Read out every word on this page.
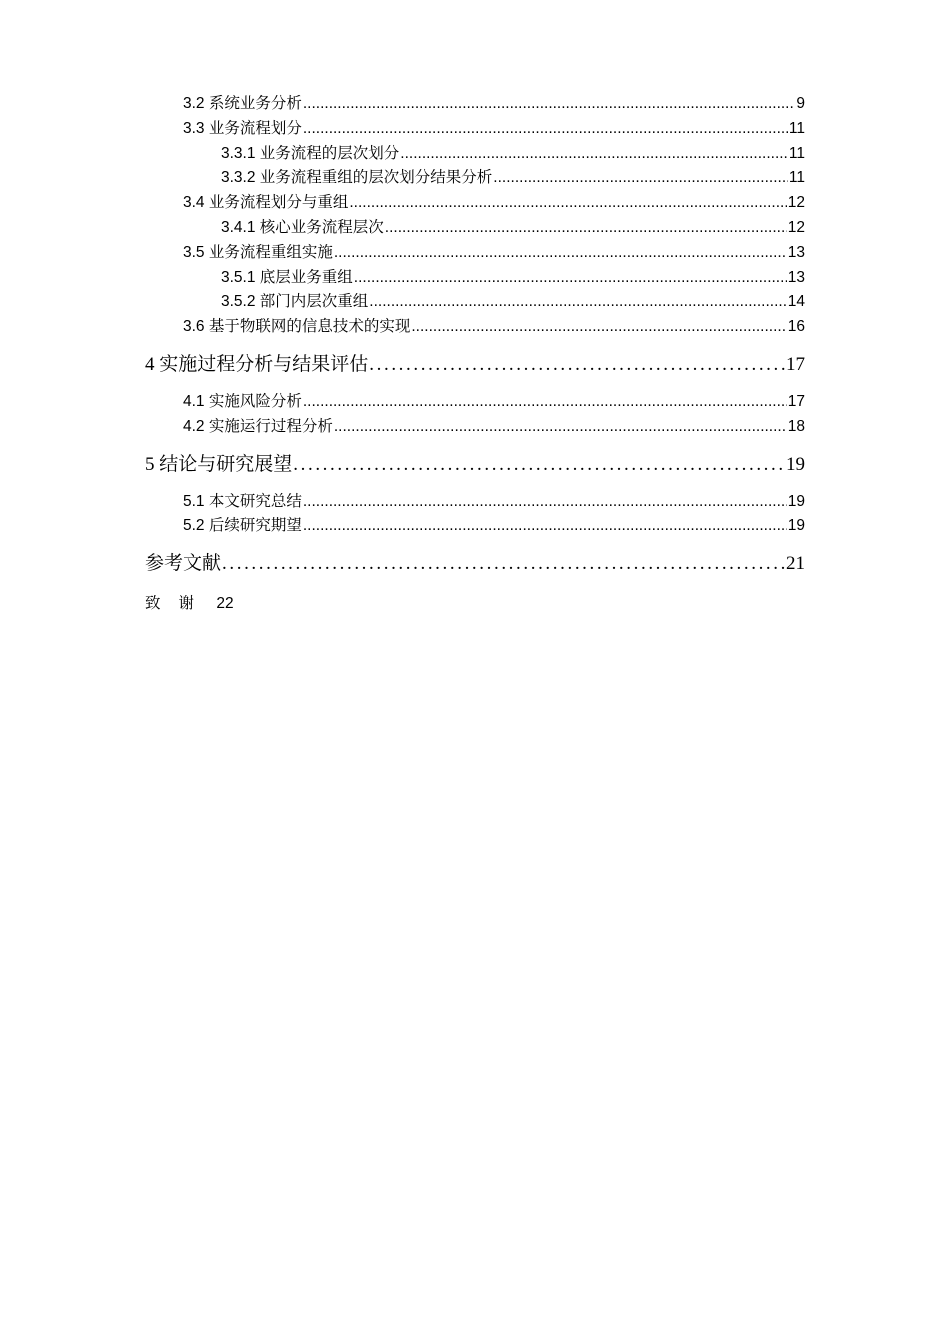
3.2 系统业务分析 .....	9
3.3 业务流程划分 .....	11
3.3.1 业务流程的层次划分 .....	11
3.3.2 业务流程重组的层次划分结果分析 .....	11
3.4 业务流程划分与重组 .....	12
3.4.1 核心业务流程层次 .....	12
3.5 业务流程重组实施 .....	13
3.5.1 底层业务重组 .....	13
3.5.2 部门内层次重组 .....	14
3.6 基于物联网的信息技术的实现 .....	16
4 实施过程分析与结果评估 .....	17
4.1 实施风险分析 .....	17
4.2 实施运行过程分析 .....	18
5 结论与研究展望 .....	19
5.1 本文研究总结 .....	19
5.2 后续研究期望 .....	19
参考文献 .....	21
致谢 22
